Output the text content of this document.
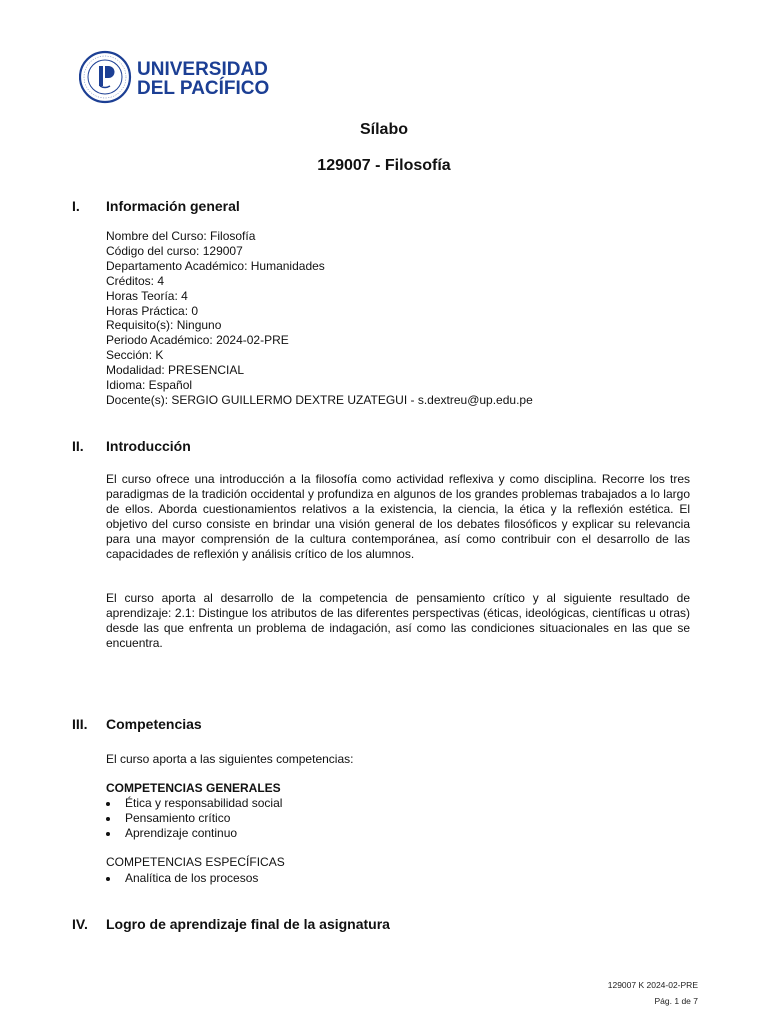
UNIVERSIDAD
DEL PACÍFICO

Sílabo

129007 - Filosofía

I. Información general

Nombre del Curso: Filosofía
Código del curso: 129007
Departamento Académico: Humanidades
Créditos: 4
Horas Teoría: 4
Horas Práctica: 0
Requisito(s): Ninguno
Periodo Académico: 2024-02-PRE
Sección: K
Modalidad: PRESENCIAL
Idioma: Español
Docente(s): SERGIO GUILLERMO DEXTRE UZATEGUI - s.dextreu@up.edu.pe

II. Introducción

El curso ofrece una introducción a la filosofía como actividad reflexiva y como disciplina. Recorre los tres paradigmas de la tradición occidental y profundiza en algunos de los grandes problemas trabajados a lo largo de ellos. Aborda cuestionamientos relativos a la existencia, la ciencia, la ética y la reflexión estética. El objetivo del curso consiste en brindar una visión general de los debates filosóficos y explicar su relevancia para una mayor comprensión de la cultura contemporánea, así como contribuir con el desarrollo de las capacidades de reflexión y análisis crítico de los alumnos.

El curso aporta al desarrollo de la competencia de pensamiento crítico y al siguiente resultado de aprendizaje: 2.1: Distingue los atributos de las diferentes perspectivas (éticas, ideológicas, científicas u otras) desde las que enfrenta un problema de indagación, así como las condiciones situacionales en las que se encuentra.

III. Competencias

El curso aporta a las siguientes competencias:

COMPETENCIAS GENERALES

Ética y responsabilidad social
Pensamiento crítico
Aprendizaje continuo

COMPETENCIAS ESPECÍFICAS

Analítica de los procesos

IV. Logro de aprendizaje final de la asignatura

129007 K 2024-02-PRE

Pág. 1 de 7
